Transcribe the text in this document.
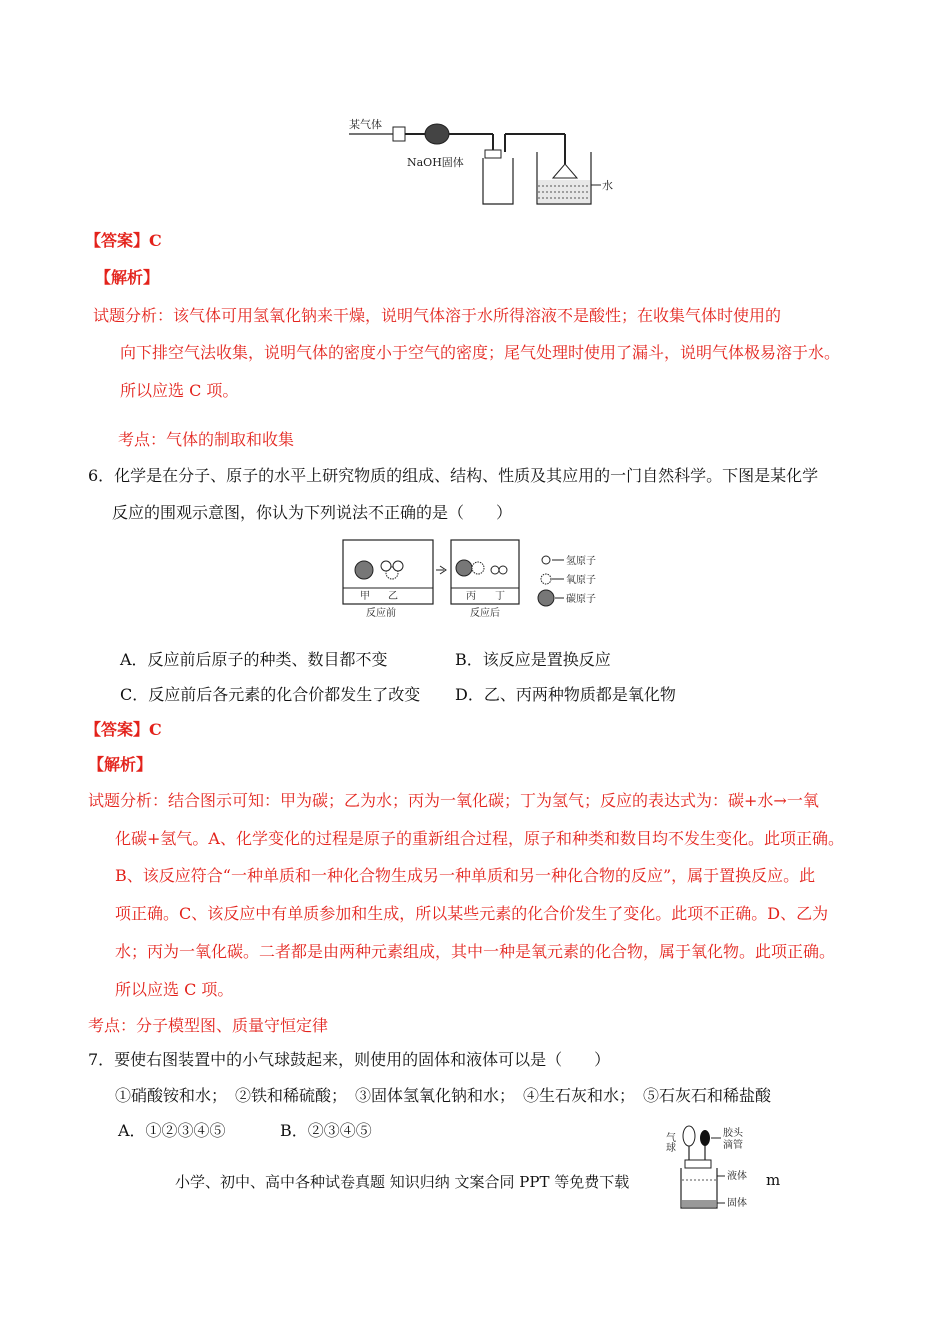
某气体
NaOH固体
水
【答案】C
【解析】
试题分析：该气体可用氢氧化钠来干燥，说明气体溶于水所得溶液不是酸性；在收集气体时使用的
向下排空气法收集，说明气体的密度小于空气的密度；尾气处理时使用了漏斗，说明气体极易溶于水。
所以应选 C 项。
考点：气体的制取和收集
6．化学是在分子、原子的水平上研究物质的组成、结构、性质及其应用的一门自然科学。下图是某化学
反应的围观示意图，你认为下列说法不正确的是（　　）
甲 乙
反应前
丙 丁
反应后
氢原子
氧原子
碳原子
A．反应前后原子的种类、数目都不变	B．该反应是置换反应
C．反应前后各元素的化合价都发生了改变 D．乙、丙两种物质都是氧化物
【答案】C
【解析】
试题分析：结合图示可知：甲为碳；乙为水；丙为一氧化碳；丁为氢气；反应的表达式为：碳+水→一氧
化碳+氢气。A、化学变化的过程是原子的重新组合过程，原子和种类和数目均不发生变化。此项正确。
B、该反应符合“一种单质和一种化合物生成另一种单质和另一种化合物的反应”，属于置换反应。此
项正确。C、该反应中有单质参加和生成，所以某些元素的化合价发生了变化。此项不正确。D、乙为
水；丙为一氧化碳。二者都是由两种元素组成，其中一种是氧元素的化合物，属于氧化物。此项正确。
所以应选 C 项。
考点：分子模型图、质量守恒定律
7．要使右图装置中的小气球鼓起来，则使用的固体和液体可以是（　　）
①硝酸铵和水；　②铁和稀硫酸；　③固体氢氧化钠和水；　④生石灰和水；　⑤石灰石和稀盐酸
A．①②③④⑤	B．②③④⑤
气球	胶头
滴管
液体
固体
小学、初中、高中各种试卷真题 知识归纳 文案合同 PPT 等免费下载	m
